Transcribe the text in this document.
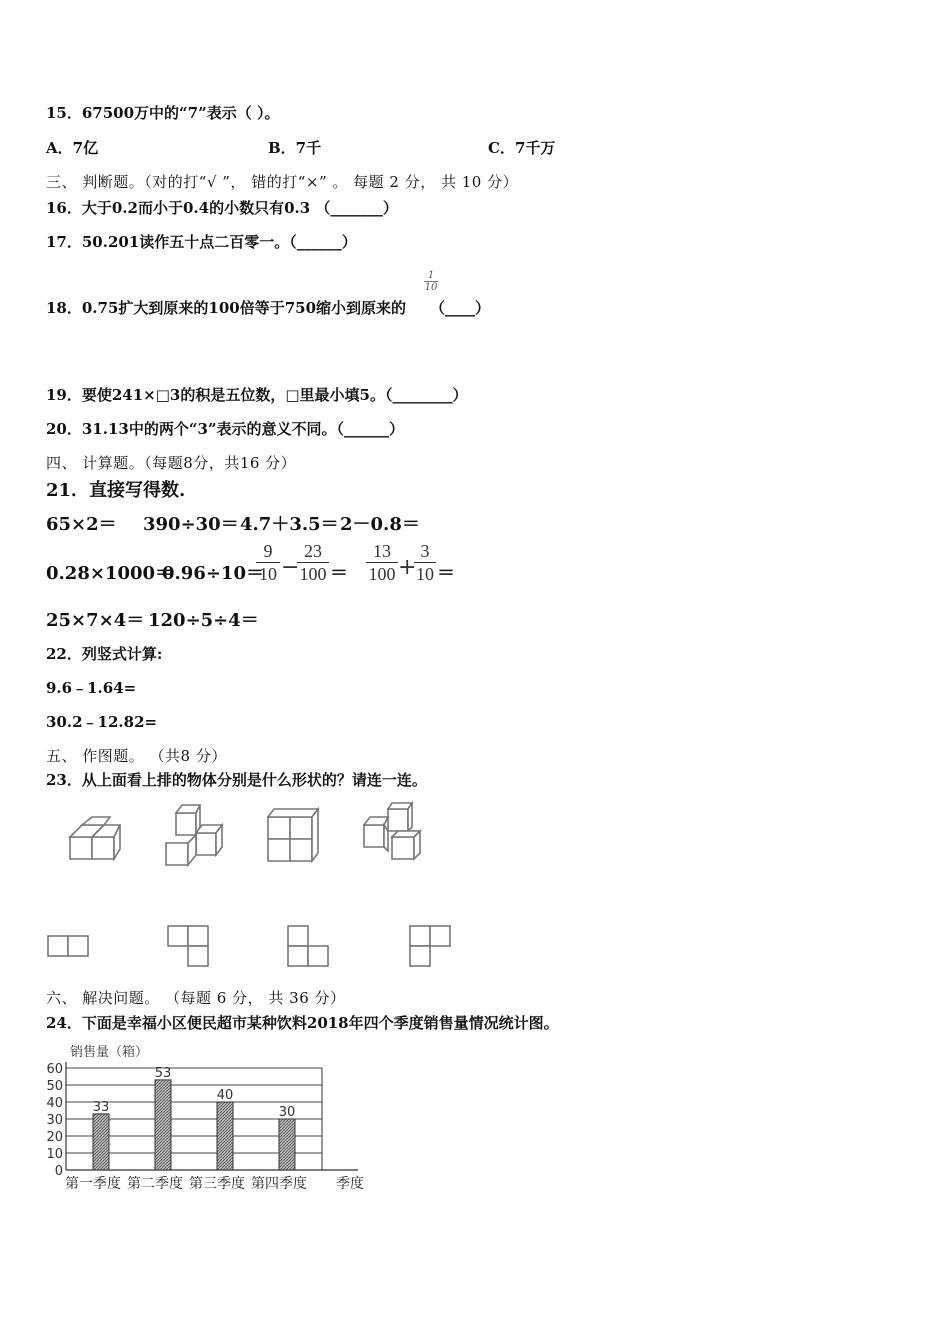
15．67500万中的“7”表示（ ）。
A．7亿	B．7千	C．7千万
三、 判断题。（对的打“√ ”， 错的打“×” 。 每题 2 分， 共 10 分）
16．大于0.2而小于0.4的小数只有0.3 （_______）
17．50.201读作五十点二百零一。（______）
18．0.75扩大到原来的100倍等于750缩小到原来的 （____）
1
10
19．要使241×□3的积是五位数，□里最小填5。（________）
20．31.13中的两个“3”表示的意义不同。（______）
四、 计算题。（每题8分，共16 分）
21．直接写得数.
65×2＝ 390÷30＝ 4.7＋3.5＝ 2－0.8＝
0.28×1000＝
0.96÷10＝
9
10 −
23
100 ＝
13
100 +
3
10 ＝
25×7×4＝ 120÷5÷4＝
22．列竖式计算:
9.6﹣1.64=
30.2﹣12.82=
五、 作图题。 （共8 分）
23．从上面看上排的物体分别是什么形状的？请连一连。
六、 解决问题。 （每题 6 分， 共 36 分）
24．下面是幸福小区便民超市某种饮料2018年四个季度销售量情况统计图。
销售量（箱）
0
10
20
30
40
50
60
33
第一季度
53
第二季度
40
第三季度
30
第四季度 季度
